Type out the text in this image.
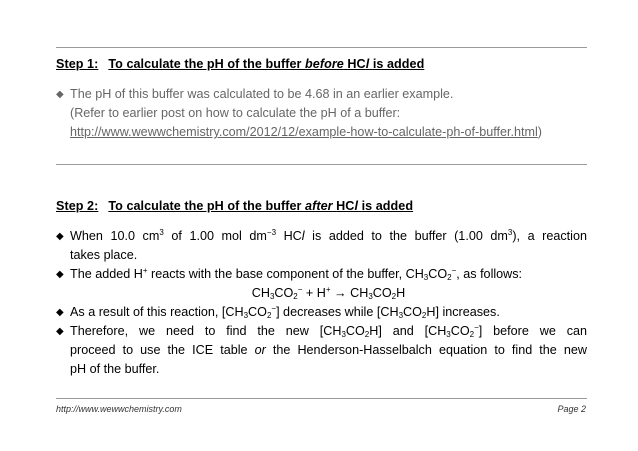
Step 1: To calculate the pH of the buffer before HCl is added
◆ The pH of this buffer was calculated to be 4.68 in an earlier example.
(Refer to earlier post on how to calculate the pH of a buffer:
http://www.wewwchemistry.com/2012/12/example-how-to-calculate-ph-of-buffer.html)
Step 2: To calculate the pH of the buffer after HCl is added
◆ When 10.0 $cm^3$ of 1.00 mol $dm^{-3}$ HCl is added to the buffer (1.00 $dm^3$), a reaction
takes place.
◆ The added H+ reacts with the base component of the buffer, $CH_3CO_2^-$, as follows:
$CH_3CO_2^- + H^+ \to CH_3CO_2H$
◆ As a result of this reaction, $[CH_3CO_2^-]$ decreases while $[CH_3CO_2H]$ increases.
◆ Therefore, we need to find the new $[CH_3CO_2H]$ and $[CH_3CO_2^-]$ before we can
proceed to use the ICE table or the Henderson-Hasselbalch equation to find the new
pH of the buffer.
http://www.wewwchemistry.com	Page 2
